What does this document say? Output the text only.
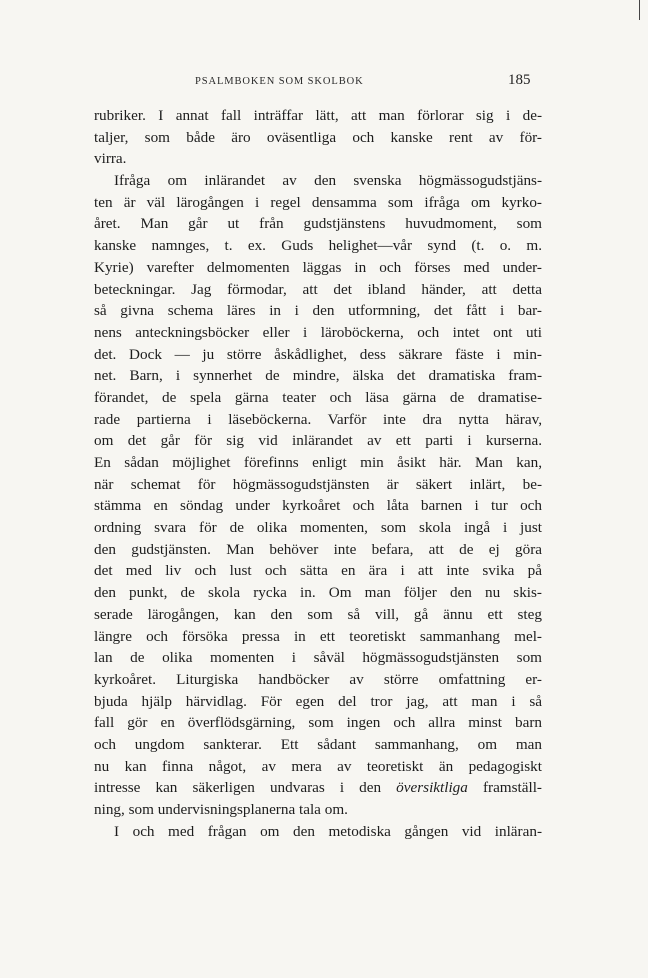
PSALMBOKEN SOM SKOLBOK	185
rubriker. I annat fall inträffar lätt, att man förlorar sig i de-
taljer, som både äro oväsentliga och kanske rent av för-
virra.
Ifråga om inlärandet av den svenska högmässogudstjäns-
ten är väl lärogången i regel densamma som ifråga om kyrko-
året. Man går ut från gudstjänstens huvudmoment, som
kanske namnges, t. ex. Guds helighet—vår synd (t. o. m.
Kyrie) varefter delmomenten läggas in och förses med under-
beteckningar. Jag förmodar, att det ibland händer, att detta
så givna schema läres in i den utformning, det fått i bar-
nens anteckningsböcker eller i läroböckerna, och intet ont uti
det. Dock — ju större åskådlighet, dess säkrare fäste i min-
net. Barn, i synnerhet de mindre, älska det dramatiska fram-
förandet, de spela gärna teater och läsa gärna de dramatise-
rade partierna i läseböckerna. Varför inte dra nytta härav,
om det går för sig vid inlärandet av ett parti i kurserna.
En sådan möjlighet förefinns enligt min åsikt här. Man kan,
när schemat för högmässogudstjänsten är säkert inlärt, be-
stämma en söndag under kyrkoåret och låta barnen i tur och
ordning svara för de olika momenten, som skola ingå i just
den gudstjänsten. Man behöver inte befara, att de ej göra
det med liv och lust och sätta en ära i att inte svika på
den punkt, de skola rycka in. Om man följer den nu skis-
serade lärogången, kan den som så vill, gå ännu ett steg
längre och försöka pressa in ett teoretiskt sammanhang mel-
lan de olika momenten i såväl högmässogudstjänsten som
kyrkoåret. Liturgiska handböcker av större omfattning er-
bjuda hjälp härvidlag. För egen del tror jag, att man i så
fall gör en överflödsgärning, som ingen och allra minst barn
och ungdom sankterar. Ett sådant sammanhang, om man
nu kan finna något, av mera av teoretiskt än pedagogiskt
intresse kan säkerligen undvaras i den översiktliga framställ-
ning, som undervisningsplanerna tala om.
I och med frågan om den metodiska gången vid inläran-
